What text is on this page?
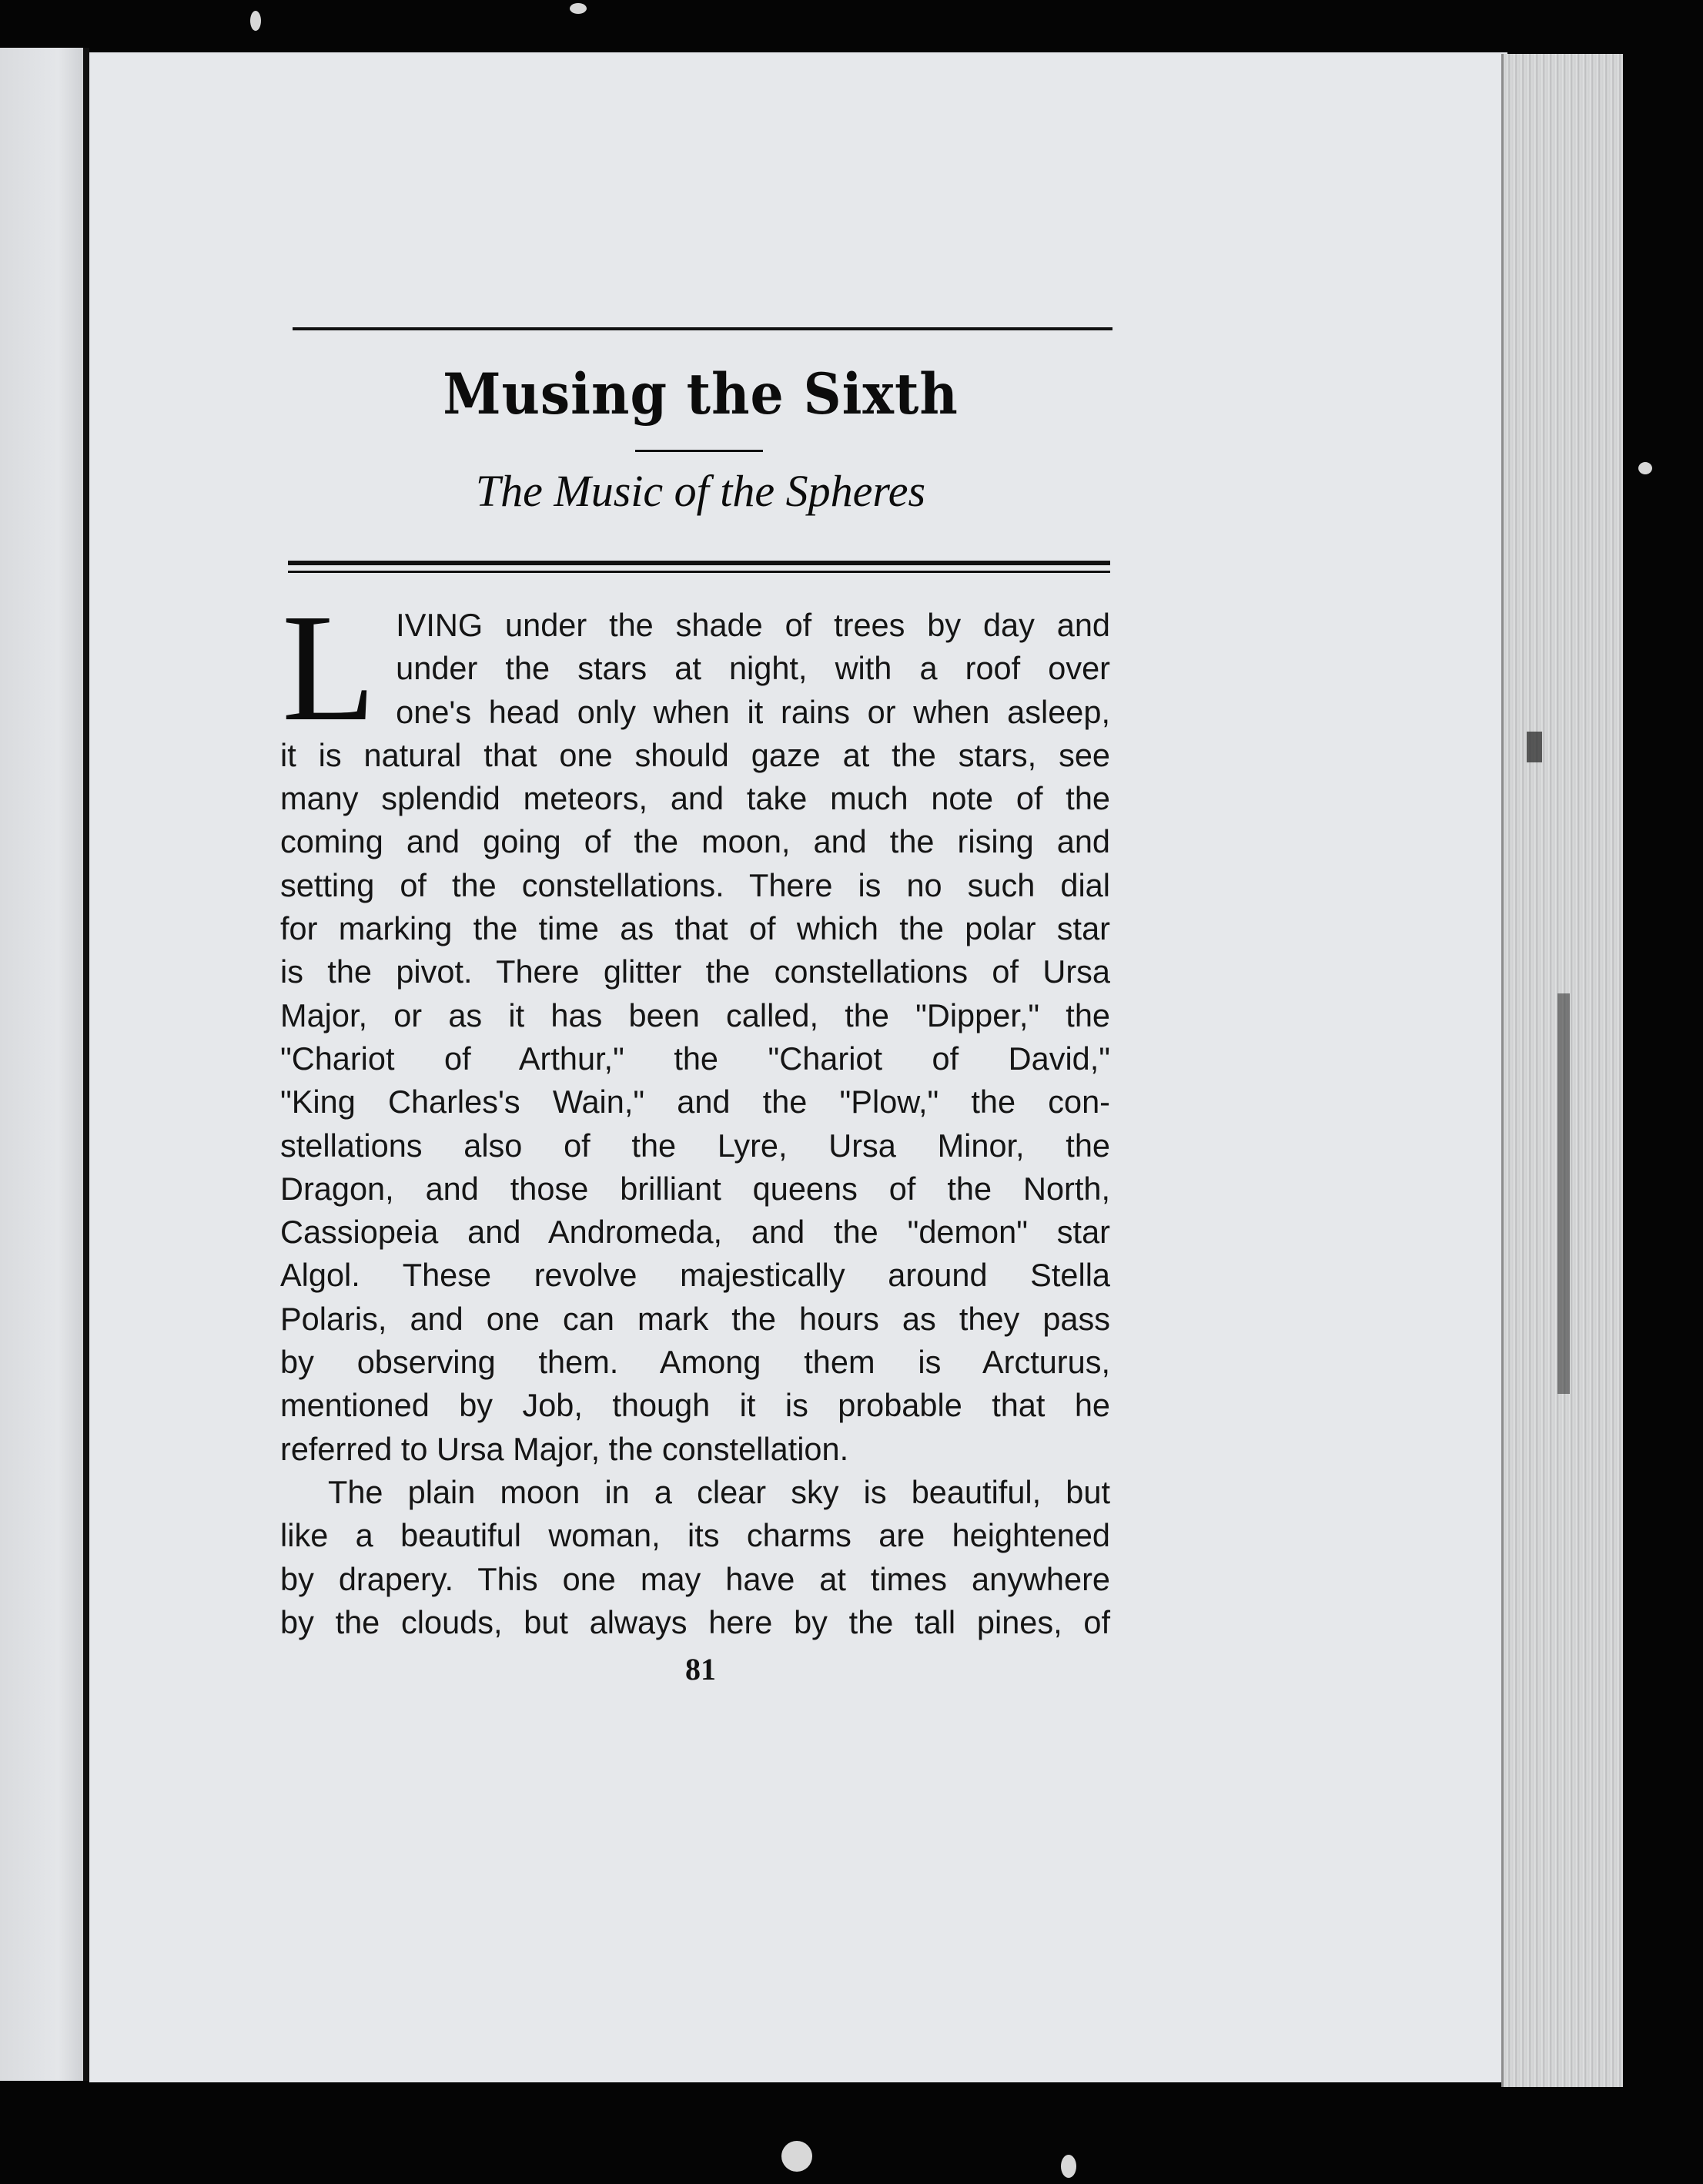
Musing the Sixth
The Music of the Spheres
L IVING under the shade of trees by day and
under the stars at night, with a roof over
one's head only when it rains or when asleep,
it is natural that one should gaze at the stars, see
many splendid meteors, and take much note of the
coming and going of the moon, and the rising and
setting of the constellations. There is no such dial
for marking the time as that of which the polar star
is the pivot. There glitter the constellations of Ursa
Major, or as it has been called, the "Dipper," the
"Chariot of Arthur," the "Chariot of David,"
"King Charles's Wain," and the "Plow," the con-
stellations also of the Lyre, Ursa Minor, the
Dragon, and those brilliant queens of the North,
Cassiopeia and Andromeda, and the "demon" star
Algol. These revolve majestically around Stella
Polaris, and one can mark the hours as they pass
by observing them. Among them is Arcturus,
mentioned by Job, though it is probable that he
referred to Ursa Major, the constellation.
The plain moon in a clear sky is beautiful, but
like a beautiful woman, its charms are heightened
by drapery. This one may have at times anywhere
by the clouds, but always here by the tall pines, of
81
